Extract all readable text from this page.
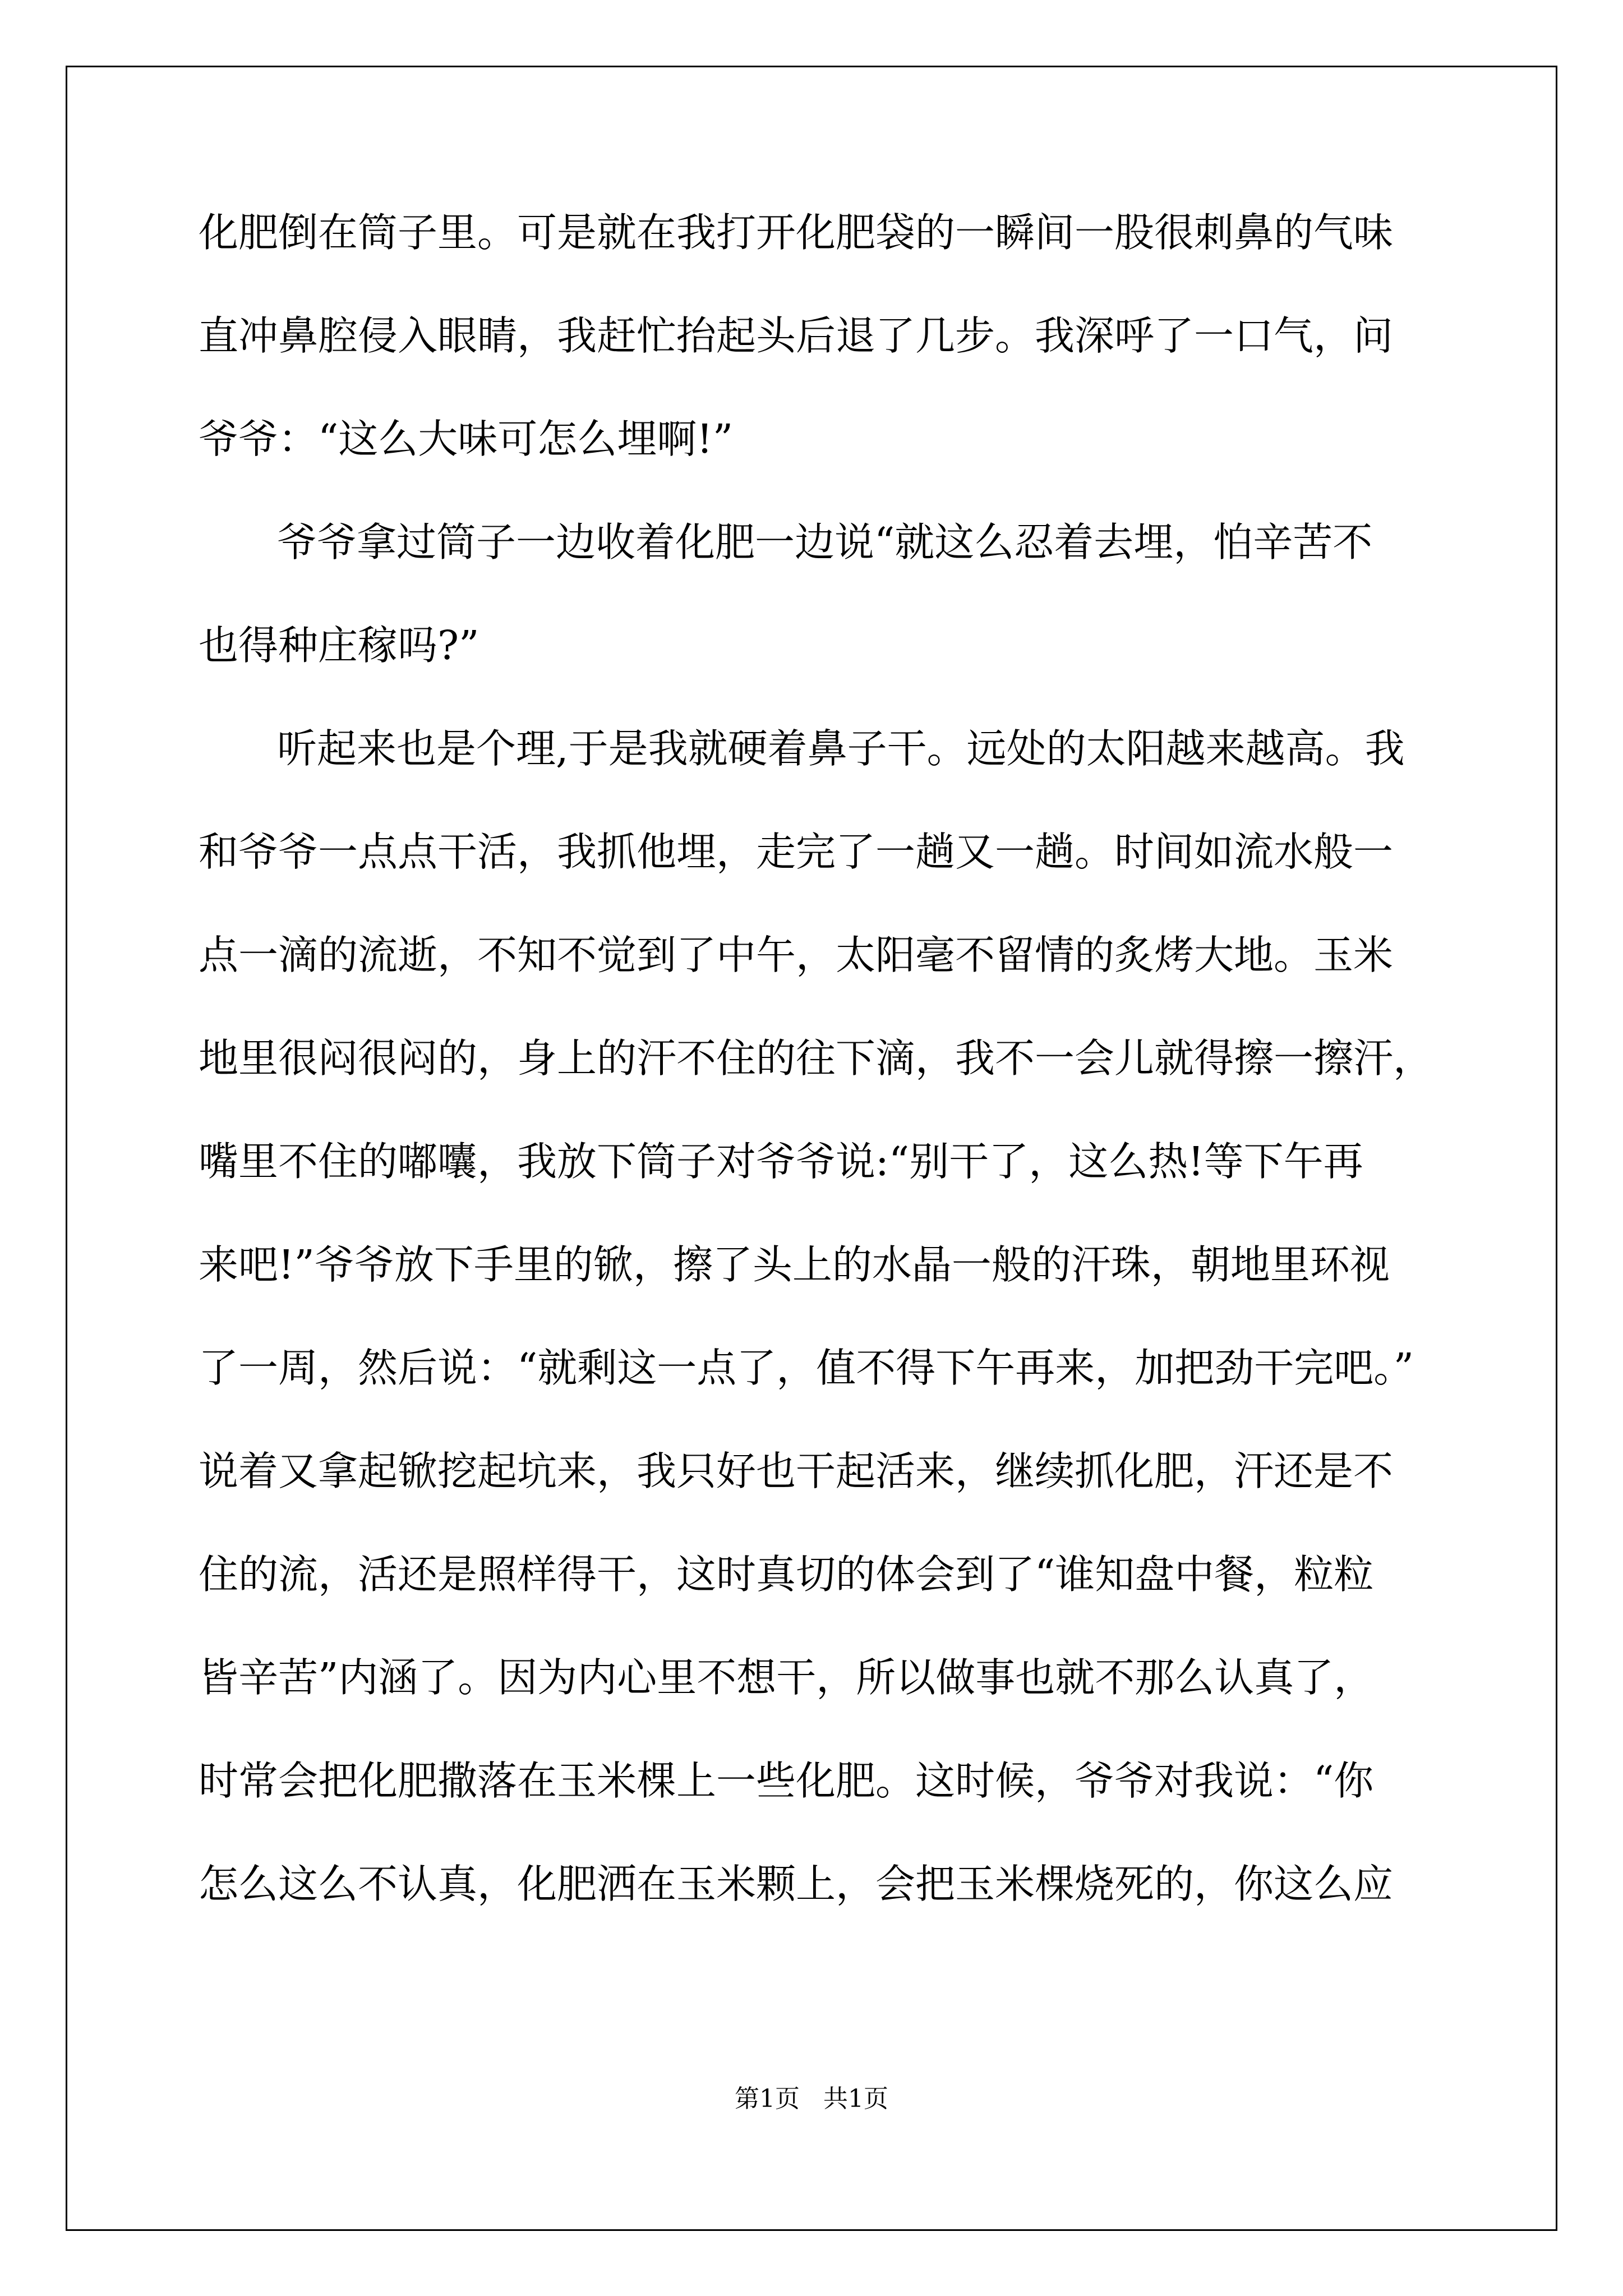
化肥倒在筒子里。可是就在我打开化肥袋的一瞬间一股很刺鼻的气味
直冲鼻腔侵入眼睛，我赶忙抬起头后退了几步。我深呼了一口气，问
爷爷：“这么大味可怎么埋啊!”
爷爷拿过筒子一边收着化肥一边说“就这么忍着去埋，怕辛苦不
也得种庄稼吗?”
听起来也是个理,于是我就硬着鼻子干。远处的太阳越来越高。我
和爷爷一点点干活，我抓他埋，走完了一趟又一趟。时间如流水般一
点一滴的流逝，不知不觉到了中午，太阳毫不留情的炙烤大地。玉米
地里很闷很闷的，身上的汗不住的往下滴，我不一会儿就得擦一擦汗，
嘴里不住的嘟囔，我放下筒子对爷爷说:“别干了，这么热!等下午再
来吧!”爷爷放下手里的锨，擦了头上的水晶一般的汗珠，朝地里环视
了一周，然后说：“就剩这一点了，值不得下午再来，加把劲干完吧。”
说着又拿起锨挖起坑来，我只好也干起活来，继续抓化肥，汗还是不
住的流，活还是照样得干，这时真切的体会到了“谁知盘中餐，粒粒
皆辛苦”内涵了。因为内心里不想干，所以做事也就不那么认真了，
时常会把化肥撒落在玉米棵上一些化肥。这时候，爷爷对我说：“你
怎么这么不认真，化肥洒在玉米颗上，会把玉米棵烧死的，你这么应
第1页   共1页
